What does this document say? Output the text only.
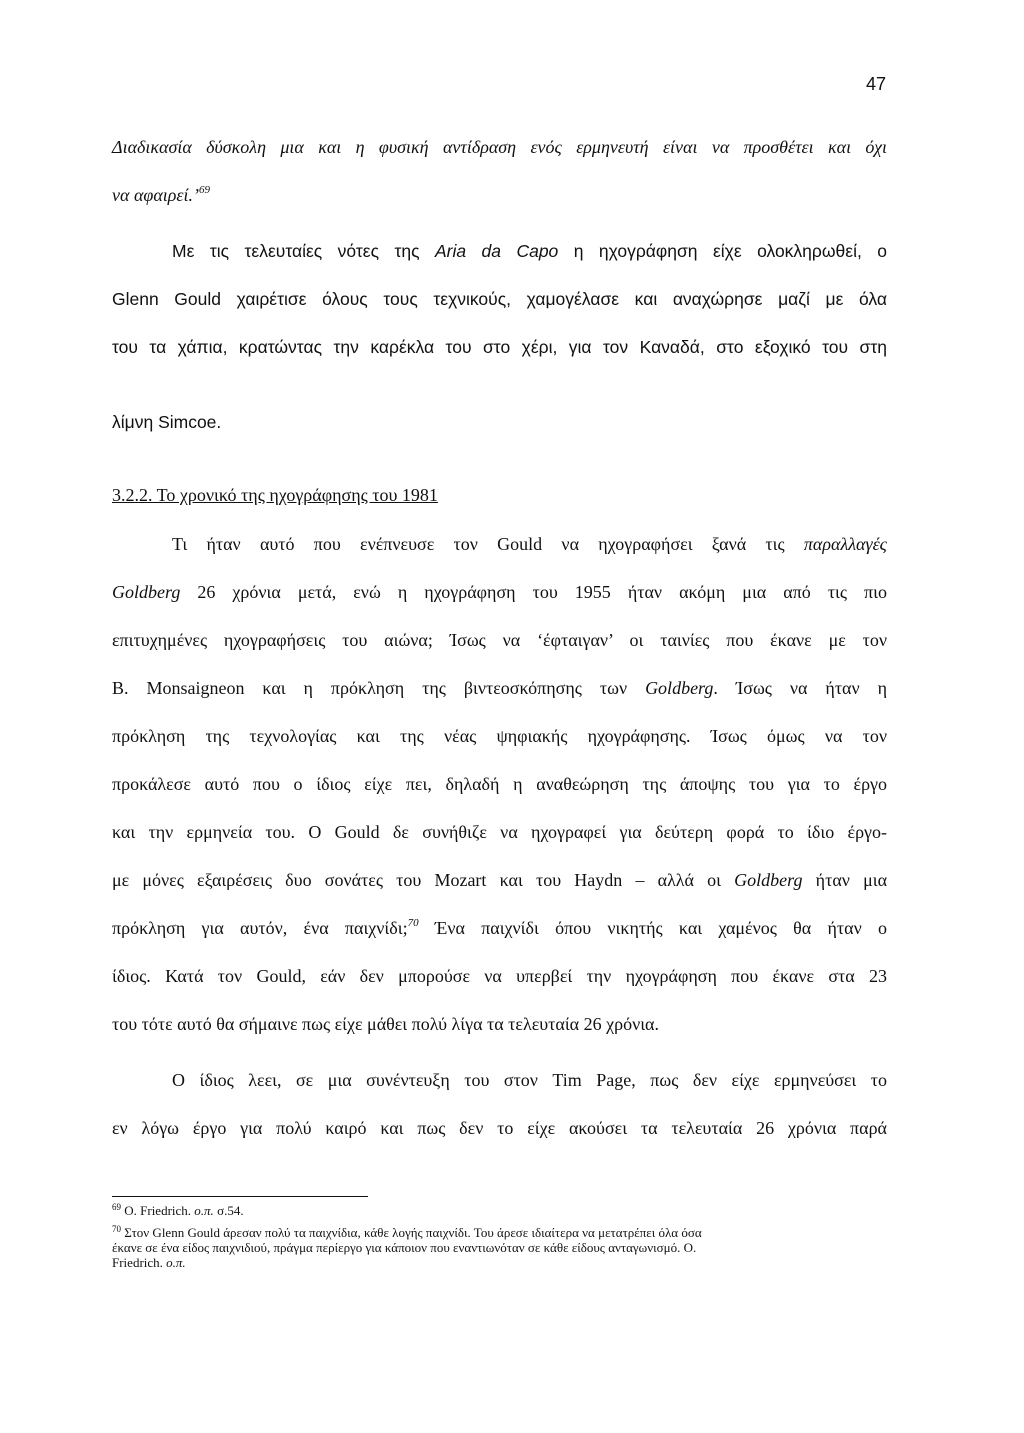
47
Διαδικασία δύσκολη μια και η φυσική αντίδραση ενός ερμηνευτή είναι να προσθέτει και όχι
να αφαιρεί.’$^{69}$
Με τις τελευταίες νότες της Aria da Capo η ηχογράφηση είχε ολοκληρωθεί, ο
Glenn Gould χαιρέτισε όλους τους τεχνικούς, χαμογέλασε και αναχώρησε μαζί με όλα
του τα χάπια, κρατώντας την καρέκλα του στο χέρι, για τον Καναδά, στο εξοχικό του στη
λίμνη Simcoe.
3.2.2. Το χρονικό της ηχογράφησης του 1981
Τι ήταν αυτό που ενέπνευσε τον Gould να ηχογραφήσει ξανά τις παραλλαγές
Goldberg 26 χρόνια μετά, ενώ η ηχογράφηση του 1955 ήταν ακόμη μια από τις πιο
επιτυχημένες ηχογραφήσεις του αιώνα; Ίσως να ‘έφταιγαν’ οι ταινίες που έκανε με τον
B. Monsaigneon και η πρόκληση της βιντεοσκόπησης των Goldberg. Ίσως να ήταν η
πρόκληση της τεχνολογίας και της νέας ψηφιακής ηχογράφησης. Ίσως όμως να τον
προκάλεσε αυτό που ο ίδιος είχε πει, δηλαδή η αναθεώρηση της άποψης του για το έργο
και την ερμηνεία του. Ο Gould δε συνήθιζε να ηχογραφεί για δεύτερη φορά το ίδιο έργο-
με μόνες εξαιρέσεις δυο σονάτες του Mozart και του Haydn – αλλά οι Goldberg ήταν μια
πρόκληση για αυτόν, ένα παιχνίδι;$^{70}$ Ένα παιχνίδι όπου νικητής και χαμένος θα ήταν ο
ίδιος. Κατά τον Gould, εάν δεν μπορούσε να υπερβεί την ηχογράφηση που έκανε στα 23
του τότε αυτό θα σήμαινε πως είχε μάθει πολύ λίγα τα τελευταία 26 χρόνια.
Ο ίδιος λεει, σε μια συνέντευξη του στον Tim Page, πως δεν είχε ερμηνεύσει το
εν λόγω έργο για πολύ καιρό και πως δεν το είχε ακούσει τα τελευταία 26 χρόνια παρά
$^{69}$ O. Friedrich. ο.π. σ.54.
$^{70}$ Στον Glenn Gould άρεσαν πολύ τα παιχνίδια, κάθε λογής παιχνίδι. Του άρεσε ιδιαίτερα να μετατρέπει όλα όσα
έκανε σε ένα είδος παιχνιδιού, πράγμα περίεργο για κάποιον που εναντιωνόταν σε κάθε είδους ανταγωνισμό. Ο.
Friedrich. ο.π.
